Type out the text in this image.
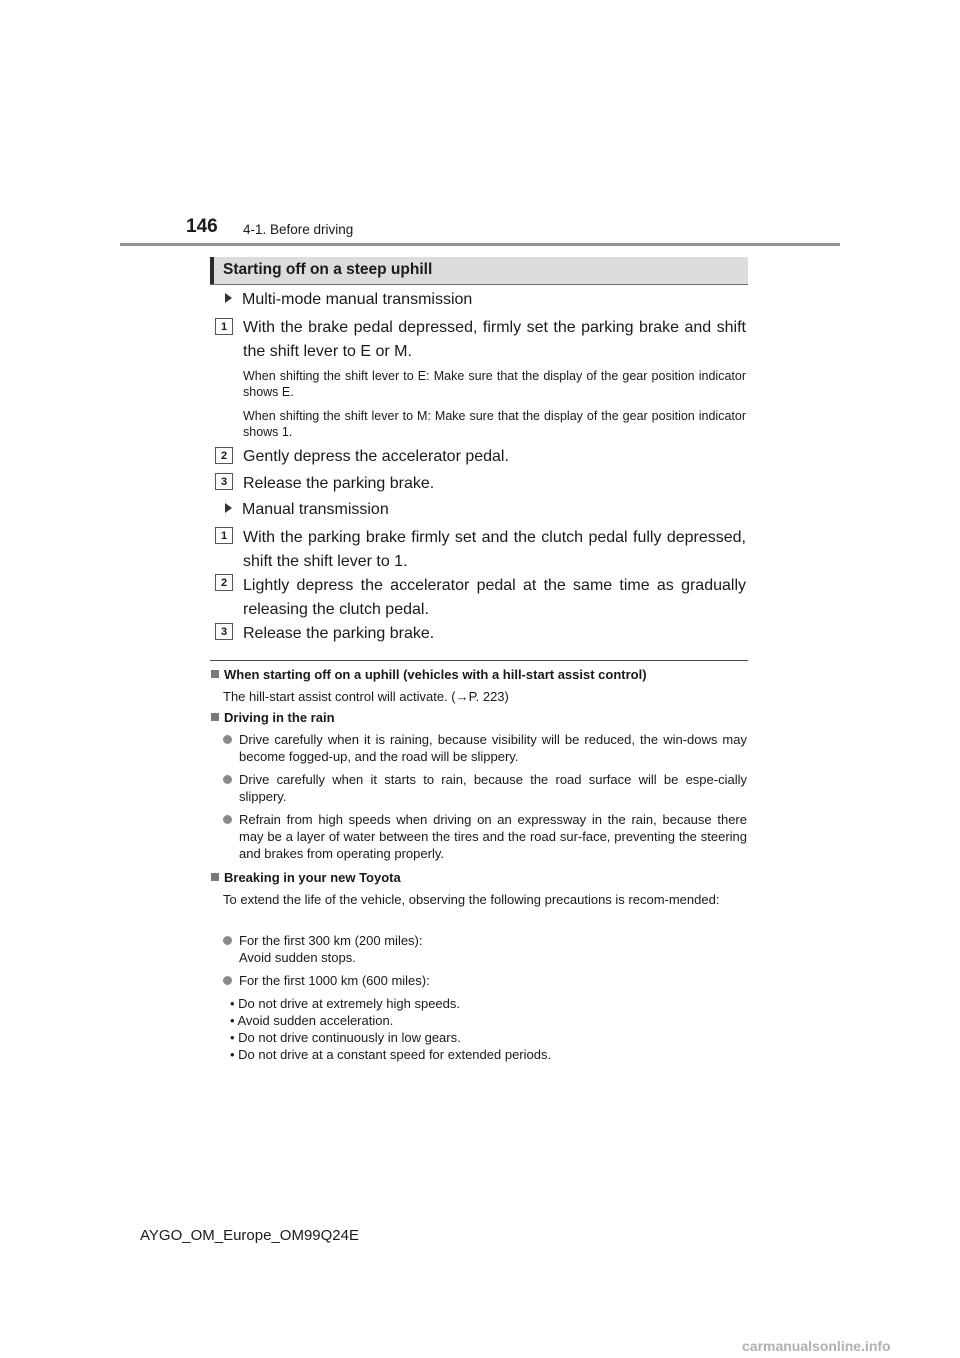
146 4-1. Before driving
Starting off on a steep uphill
Multi-mode manual transmission
1 With the brake pedal depressed, firmly set the parking brake and shift the shift lever to E or M.
When shifting the shift lever to E: Make sure that the display of the gear position indicator shows E.
When shifting the shift lever to M: Make sure that the display of the gear position indicator shows 1.
2 Gently depress the accelerator pedal.
3 Release the parking brake.
Manual transmission
1 With the parking brake firmly set and the clutch pedal fully depressed, shift the shift lever to 1.
2 Lightly depress the accelerator pedal at the same time as gradually releasing the clutch pedal.
3 Release the parking brake.
When starting off on a uphill (vehicles with a hill-start assist control)
The hill-start assist control will activate. (→P. 223)
Driving in the rain
Drive carefully when it is raining, because visibility will be reduced, the win-dows may become fogged-up, and the road will be slippery.
Drive carefully when it starts to rain, because the road surface will be espe-cially slippery.
Refrain from high speeds when driving on an expressway in the rain, because there may be a layer of water between the tires and the road sur-face, preventing the steering and brakes from operating properly.
Breaking in your new Toyota
To extend the life of the vehicle, observing the following precautions is recom-mended:
For the first 300 km (200 miles):
Avoid sudden stops.
For the first 1000 km (600 miles):
• Do not drive at extremely high speeds.
• Avoid sudden acceleration.
• Do not drive continuously in low gears.
• Do not drive at a constant speed for extended periods.
AYGO_OM_Europe_OM99Q24E
carmanualsonline.info
